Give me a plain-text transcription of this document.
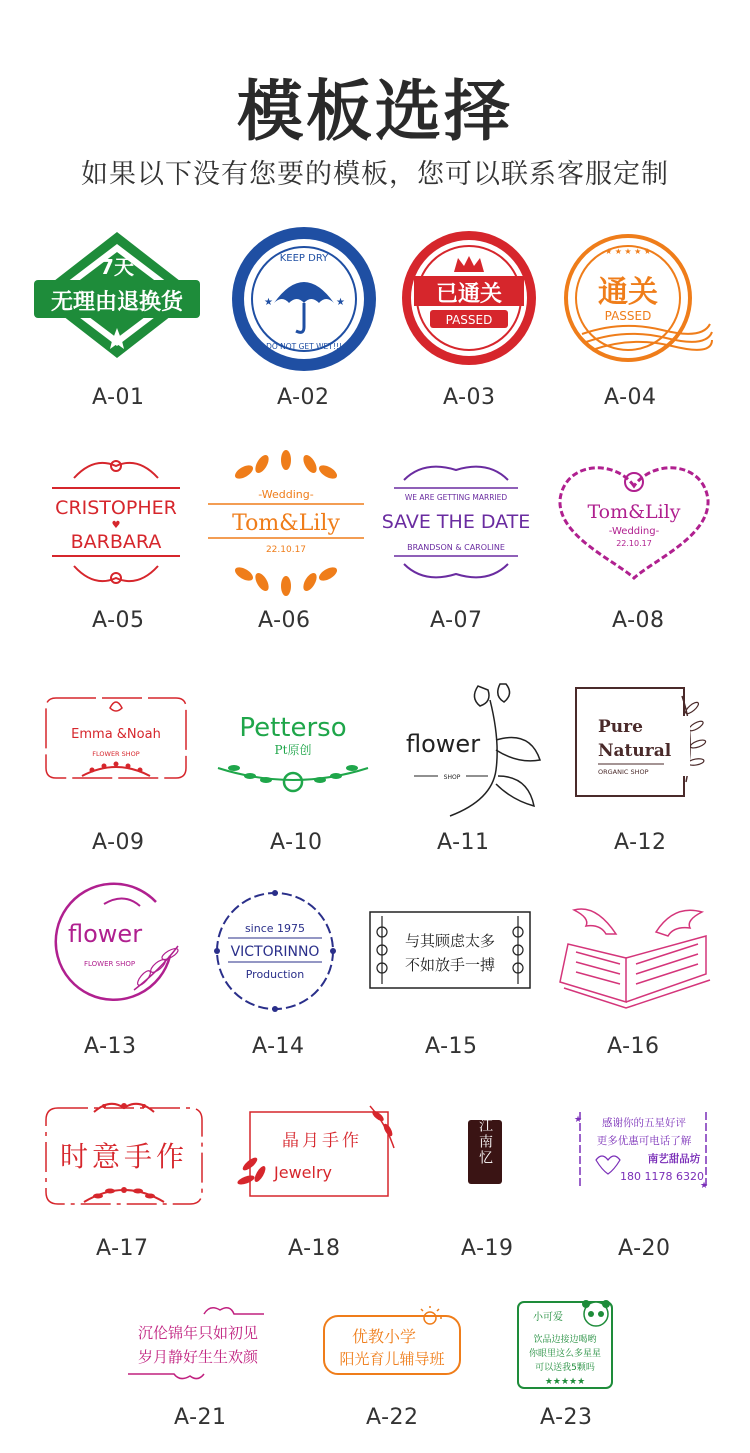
模板选择
如果以下没有您要的模板，您可以联系客服定制
7天
无理由退换货
A-01
KEEP DRY
DO NOT GET WET!!!
★	★
A-02
已通关
PASSED
A-03
★ ★ ★ ★ ★
通关
PASSED
A-04
CRISTOPHER
♥
BARBARA
A-05
-Wedding-
Tom&Lily
22.10.17
A-06
WE ARE GETTING MARRIED
SAVE THE DATE
BRANDSON & CAROLINE
A-07
Tom&Lily
-Wedding-
22.10.17
A-08
Emma &Noah
FLOWER SHOP
A-09
Petterso
Pt原创
A-10
flower
SHOP
A-11
Pure
Natural
ORGANIC SHOP
A-12
flower
FLOWER SHOP
A-13
since 1975
VICTORINNO
Production
A-14
与其顾虑太多
不如放手一搏
A-15	A-16
时意手作
A-17
晶月手作
Jewelry
A-18
江南忆
A-19
★
★
感谢你的五星好评
更多优惠可电话了解
南艺甜品坊
180 1178 6320
A-20
沉伦锦年只如初见
岁月静好生生欢颜
A-21
优教小学
阳光育儿辅导班
A-22
小可爱
饮品边接边喝哟
你眼里这么多星星
可以送我5颗吗
★★★★★
A-23
